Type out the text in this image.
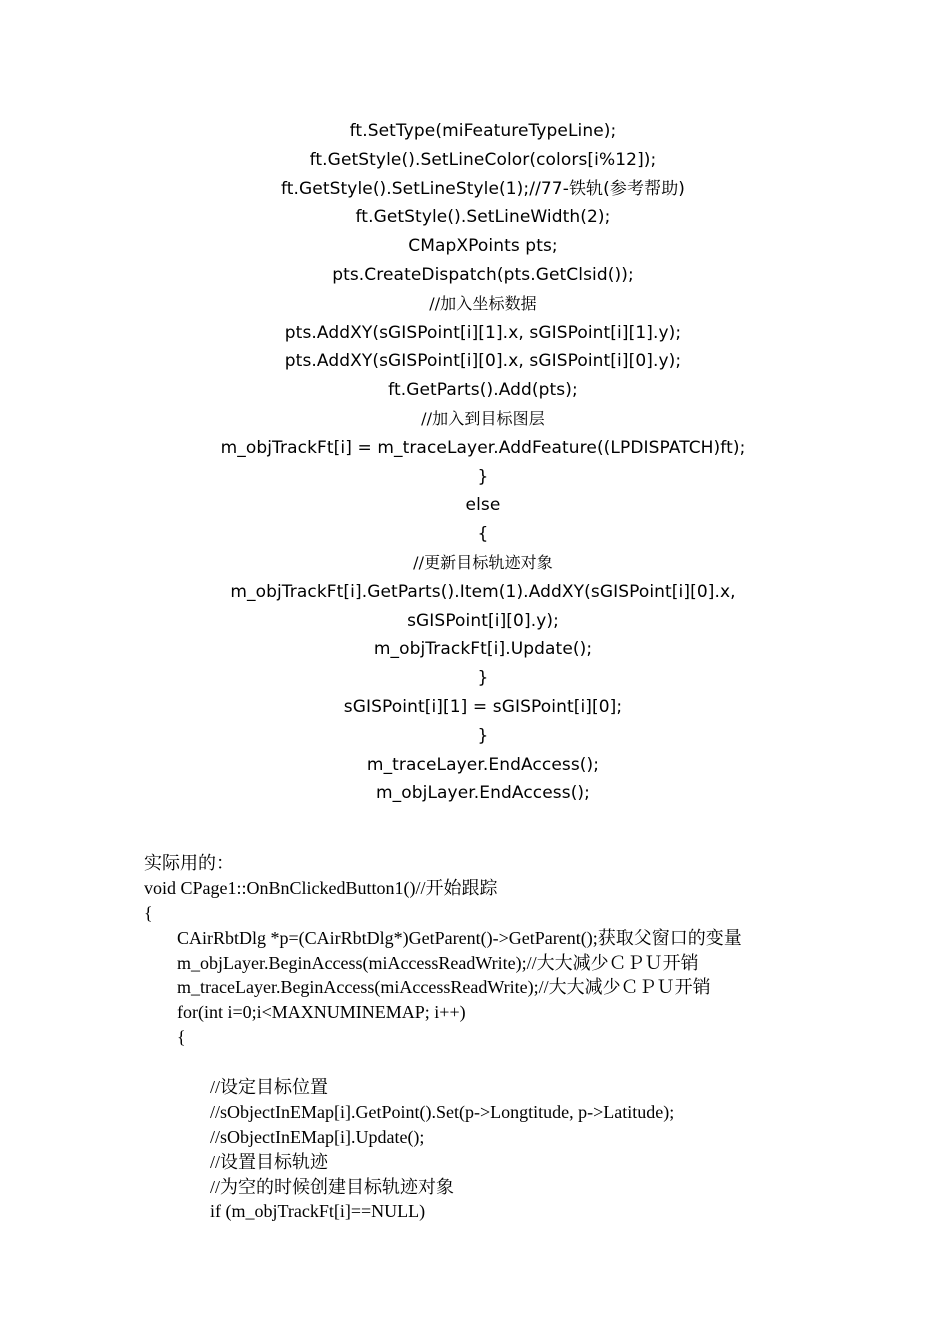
ft.SetType(miFeatureTypeLine);
ft.GetStyle().SetLineColor(colors[i%12]);
ft.GetStyle().SetLineStyle(1);//77-铁轨(参考帮助)
ft.GetStyle().SetLineWidth(2);
CMapXPoints pts;
pts.CreateDispatch(pts.GetClsid());
//加入坐标数据
pts.AddXY(sGISPoint[i][1].x, sGISPoint[i][1].y);
pts.AddXY(sGISPoint[i][0].x, sGISPoint[i][0].y);
ft.GetParts().Add(pts);
//加入到目标图层
m_objTrackFt[i] = m_traceLayer.AddFeature((LPDISPATCH)ft);
}
else
{
//更新目标轨迹对象
m_objTrackFt[i].GetParts().Item(1).AddXY(sGISPoint[i][0].x,
sGISPoint[i][0].y);
m_objTrackFt[i].Update();
}
sGISPoint[i][1] = sGISPoint[i][0];
}
m_traceLayer.EndAccess();
m_objLayer.EndAccess();
实际用的：
void CPage1::OnBnClickedButton1()//开始跟踪
{
CAirRbtDlg *p=(CAirRbtDlg*)GetParent()->GetParent();获取父窗口的变量
m_objLayer.BeginAccess(miAccessReadWrite);//大大减少ＣＰＵ开销
m_traceLayer.BeginAccess(miAccessReadWrite);//大大减少ＣＰＵ开销
for(int i=0;i<MAXNUMINEMAP; i++)
{
//设定目标位置
//sObjectInEMap[i].GetPoint().Set(p->Longtitude, p->Latitude);
//sObjectInEMap[i].Update();
//设置目标轨迹
//为空的时候创建目标轨迹对象
if (m_objTrackFt[i]==NULL)
